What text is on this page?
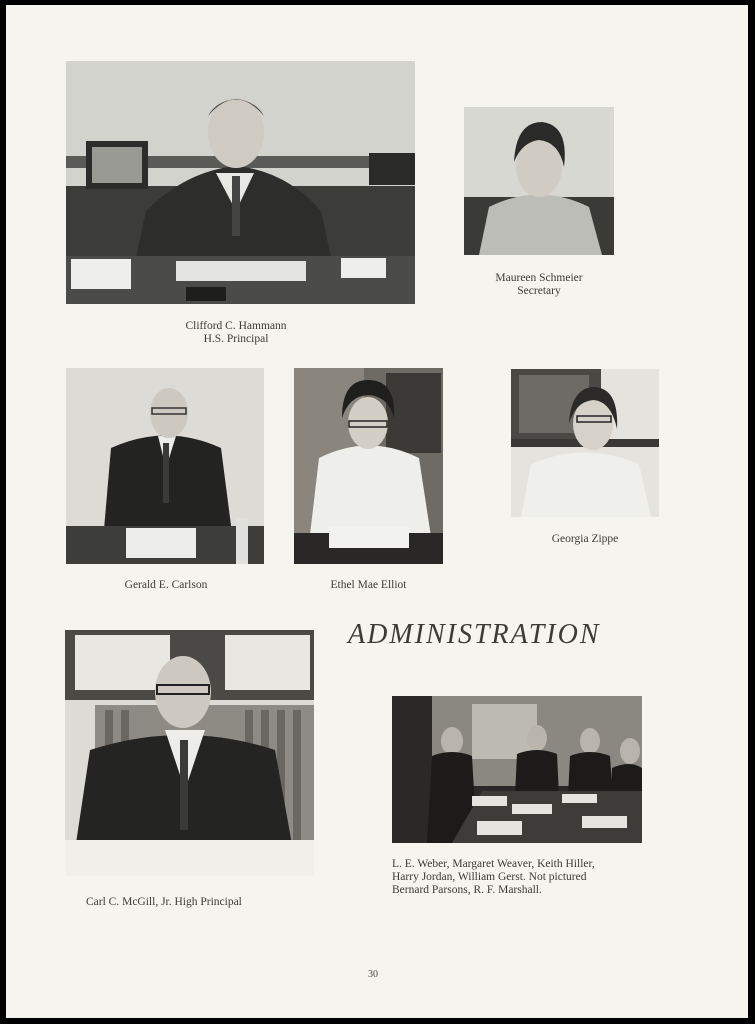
Clifford C. Hammann
H.S. Principal
Maureen Schmeier
Secretary
Gerald E. Carlson	Ethel Mae Elliot
Georgia Zippe
ADMINISTRATION
Carl C. McGill, Jr. High Principal
L. E. Weber, Margaret Weaver, Keith Hiller,
Harry Jordan, William Gerst. Not pictured
Bernard Parsons, R. F. Marshall.
30
